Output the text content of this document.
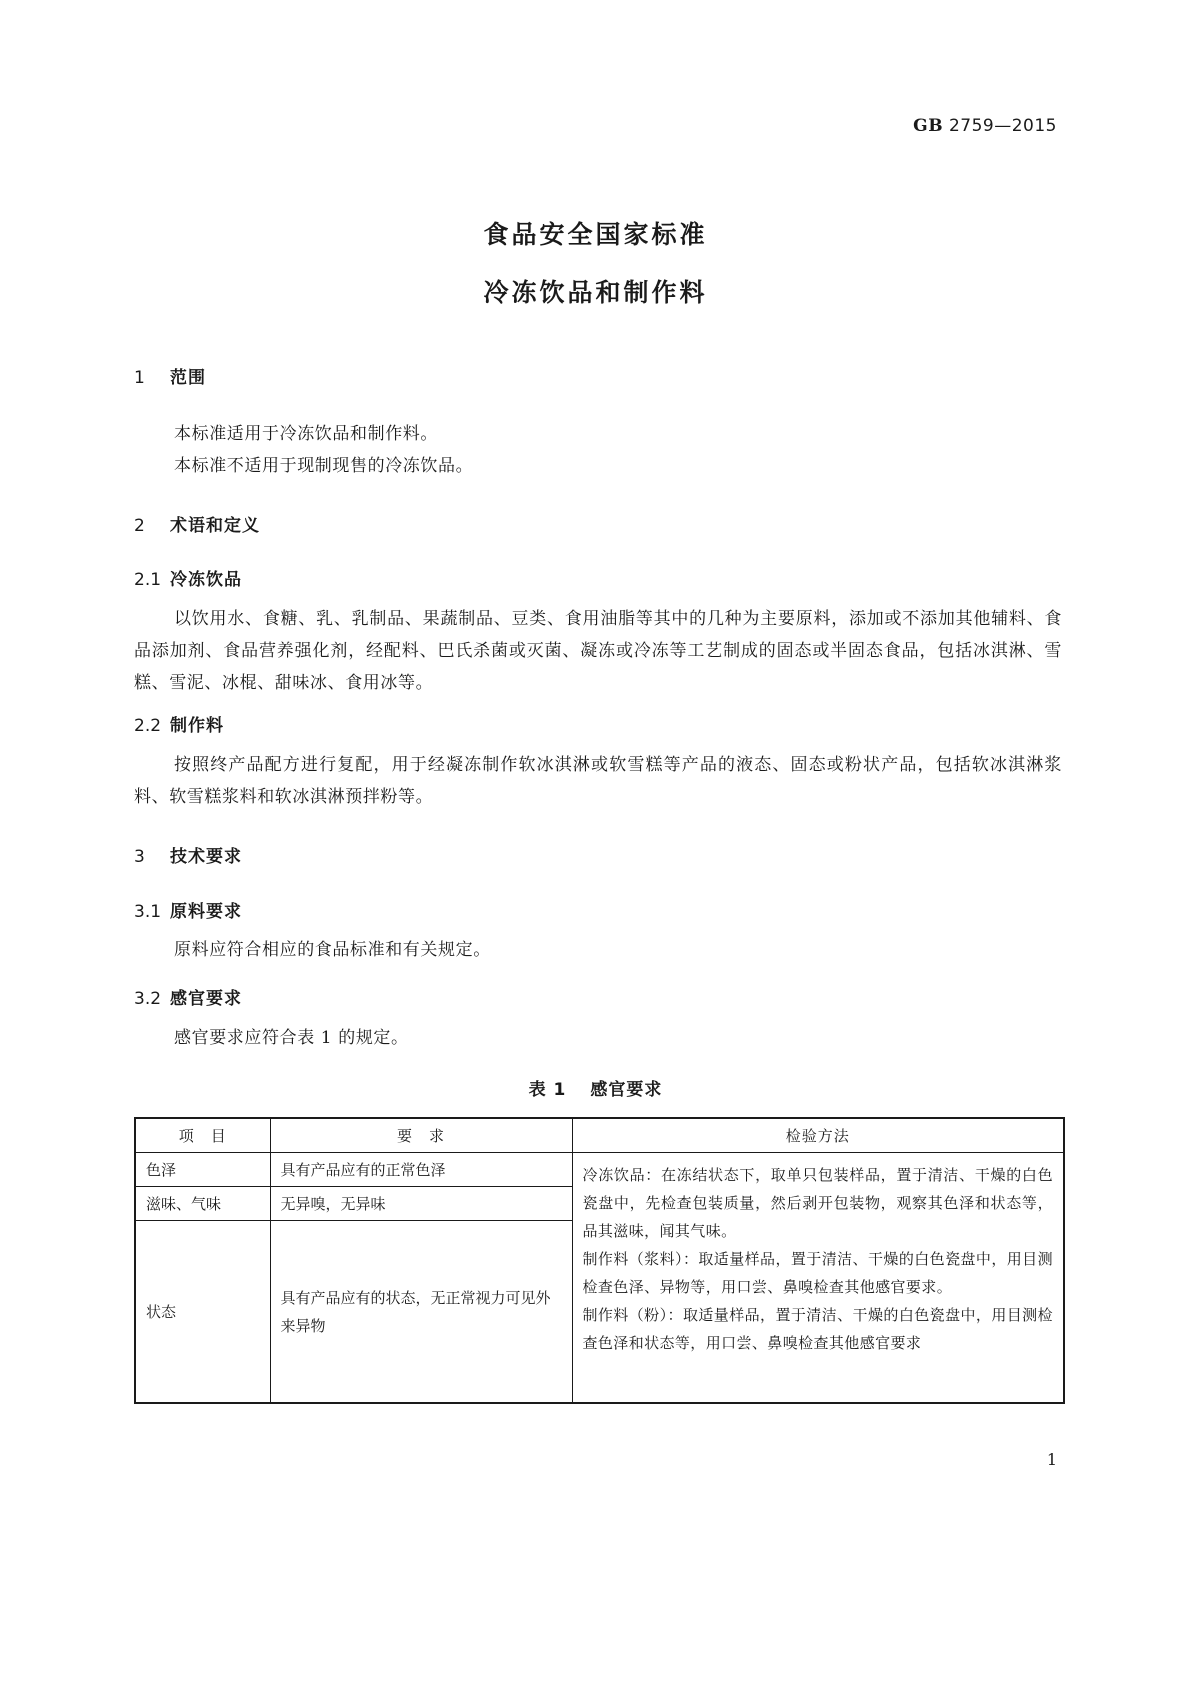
GB 2759—2015
食品安全国家标准
冷冻饮品和制作料
1 范围
本标准适用于冷冻饮品和制作料。
本标准不适用于现制现售的冷冻饮品。
2 术语和定义
2.1 冷冻饮品
以饮用水、食糖、乳、乳制品、果蔬制品、豆类、食用油脂等其中的几种为主要原料，添加或不添加其他辅料、食品添加剂、食品营养强化剂，经配料、巴氏杀菌或灭菌、凝冻或冷冻等工艺制成的固态或半固态食品，包括冰淇淋、雪糕、雪泥、冰棍、甜味冰、食用冰等。
2.2 制作料
按照终产品配方进行复配，用于经凝冻制作软冰淇淋或软雪糕等产品的液态、固态或粉状产品，包括软冰淇淋浆料、软雪糕浆料和软冰淇淋预拌粉等。
3 技术要求
3.1 原料要求
原料应符合相应的食品标准和有关规定。
3.2 感官要求
感官要求应符合表 1 的规定。
表 1 感官要求
项　目	要　求	检验方法
色泽	具有产品应有的正常色泽	冷冻饮品：在冻结状态下，取单只包装样品，置于清洁、干燥的白色瓷盘中，先检查包装质量，然后剥开包装物，观察其色泽和状态等，品其滋味，闻其气味。

制作料（浆料）：取适量样品，置于清洁、干燥的白色瓷盘中，用目测检查色泽、异物等，用口尝、鼻嗅检查其他感官要求。

制作料（粉）：取适量样品，置于清洁、干燥的白色瓷盘中，用目测检查色泽和状态等，用口尝、鼻嗅检查其他感官要求

滋味、气味	无异嗅，无异味	
状态	具有产品应有的状态，无正常视力可见外来异物	
1
